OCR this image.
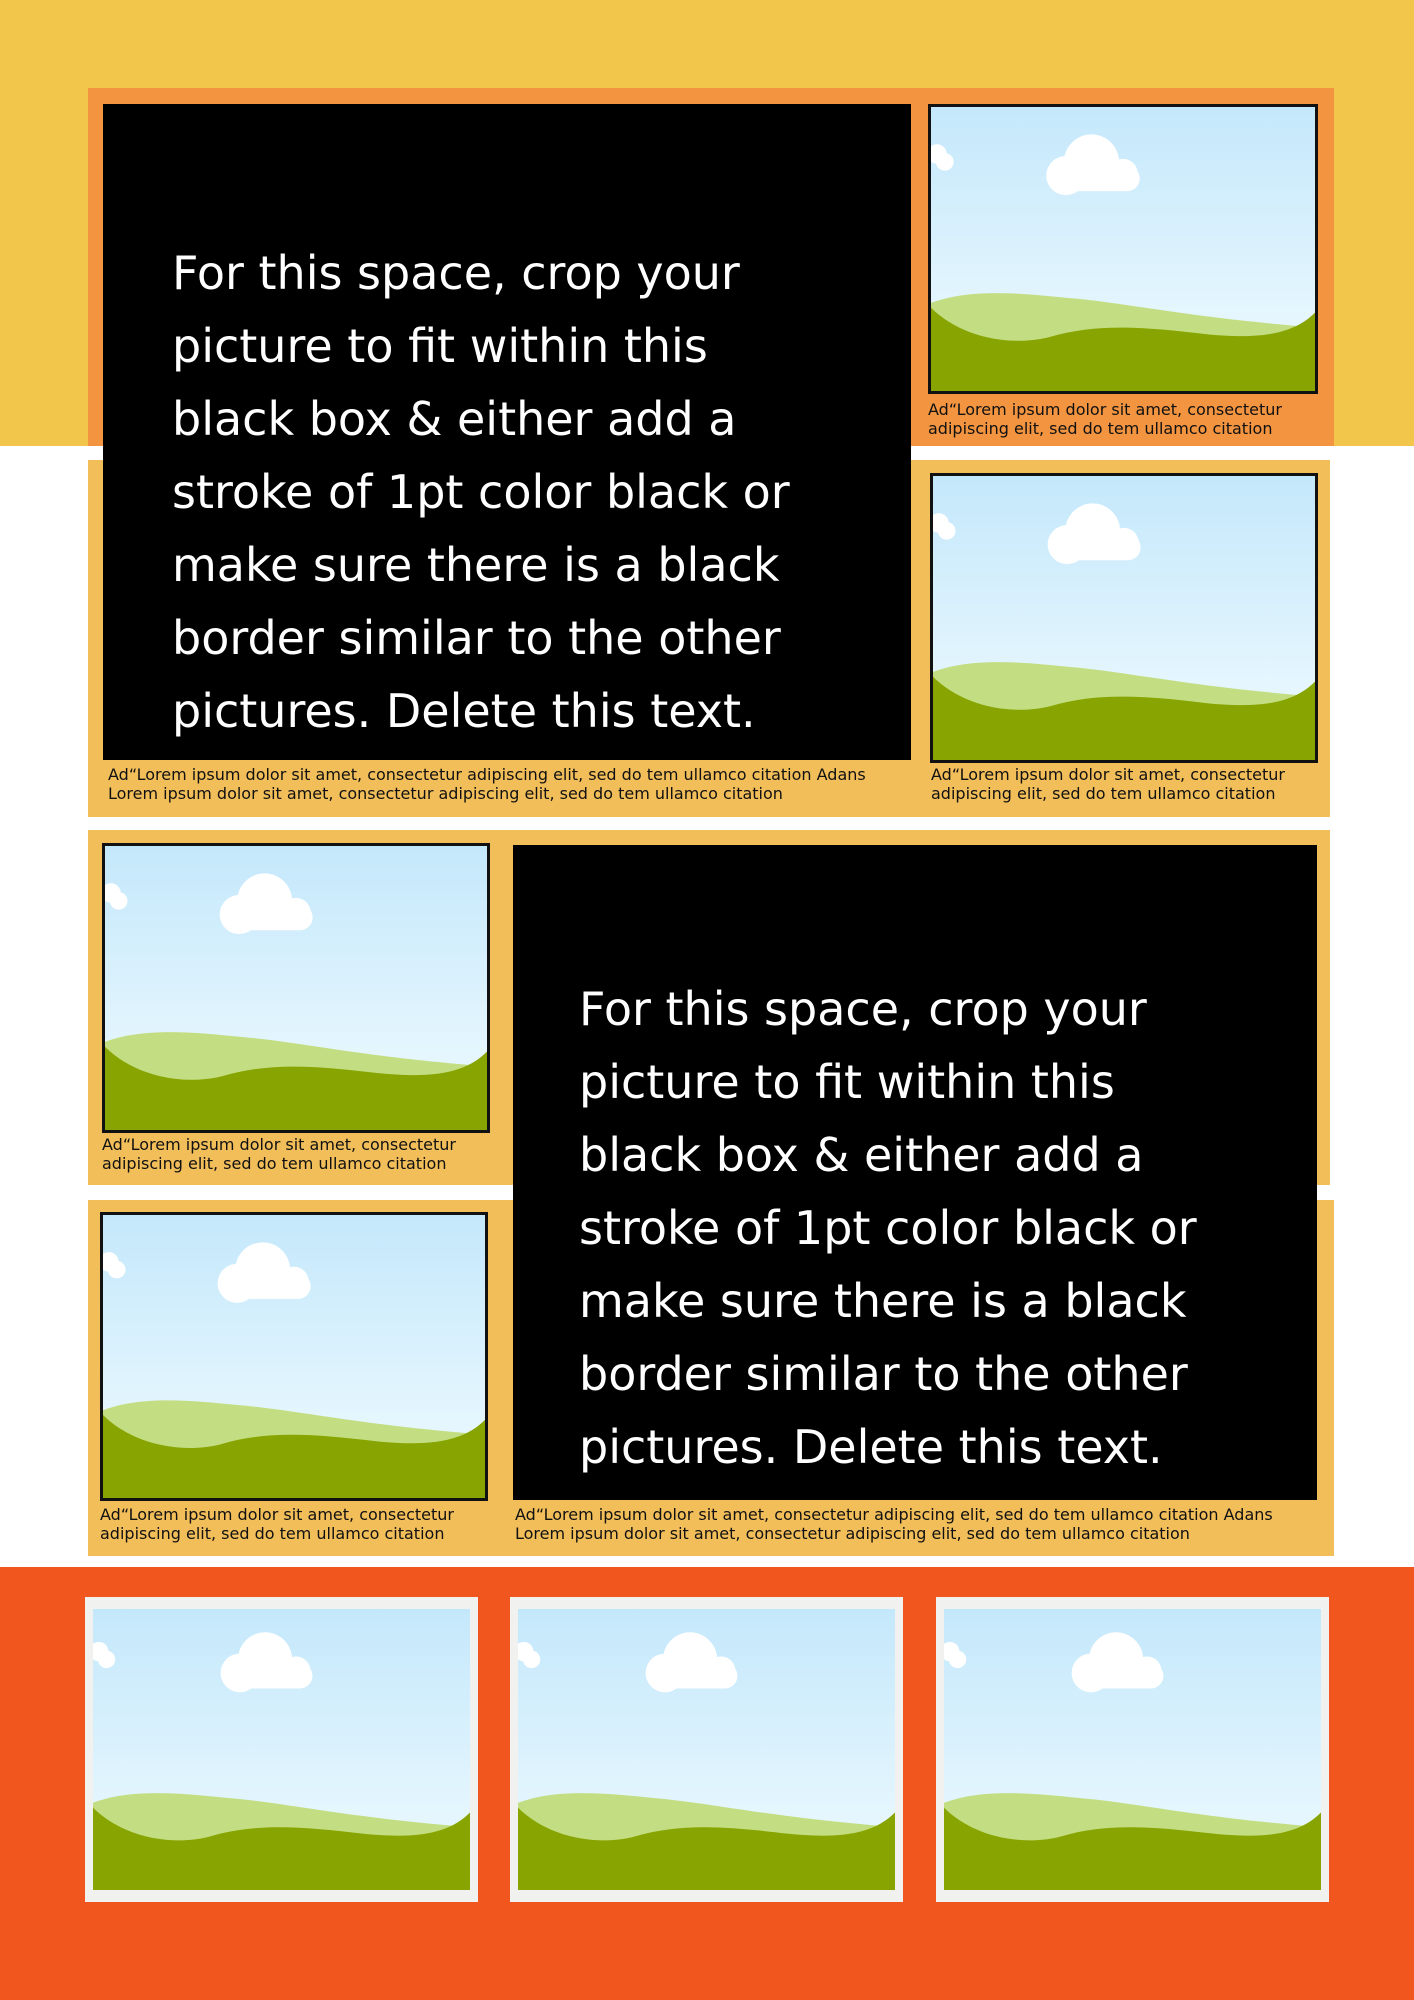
For this space, crop your
picture to fit within this
black box & either add a
stroke of 1pt color black or
make sure there is a black
border similar to the other
pictures. Delete this text.

Ad“Lorem ipsum dolor sit amet, consectetur adipiscing elit, sed do tem ullamco citation Adans
Lorem ipsum dolor sit amet, consectetur adipiscing elit, sed do tem ullamco citation
Ad“Lorem ipsum dolor sit amet, consectetur
adipiscing elit, sed do tem ullamco citation
Ad“Lorem ipsum dolor sit amet, consectetur
adipiscing elit, sed do tem ullamco citation
Ad“Lorem ipsum dolor sit amet, consectetur
adipiscing elit, sed do tem ullamco citation

For this space, crop your
picture to fit within this
black box & either add a
stroke of 1pt color black or
make sure there is a black
border similar to the other
pictures. Delete this text.

Ad“Lorem ipsum dolor sit amet, consectetur adipiscing elit, sed do tem ullamco citation Adans
Lorem ipsum dolor sit amet, consectetur adipiscing elit, sed do tem ullamco citation
Ad“Lorem ipsum dolor sit amet, consectetur
adipiscing elit, sed do tem ullamco citation
